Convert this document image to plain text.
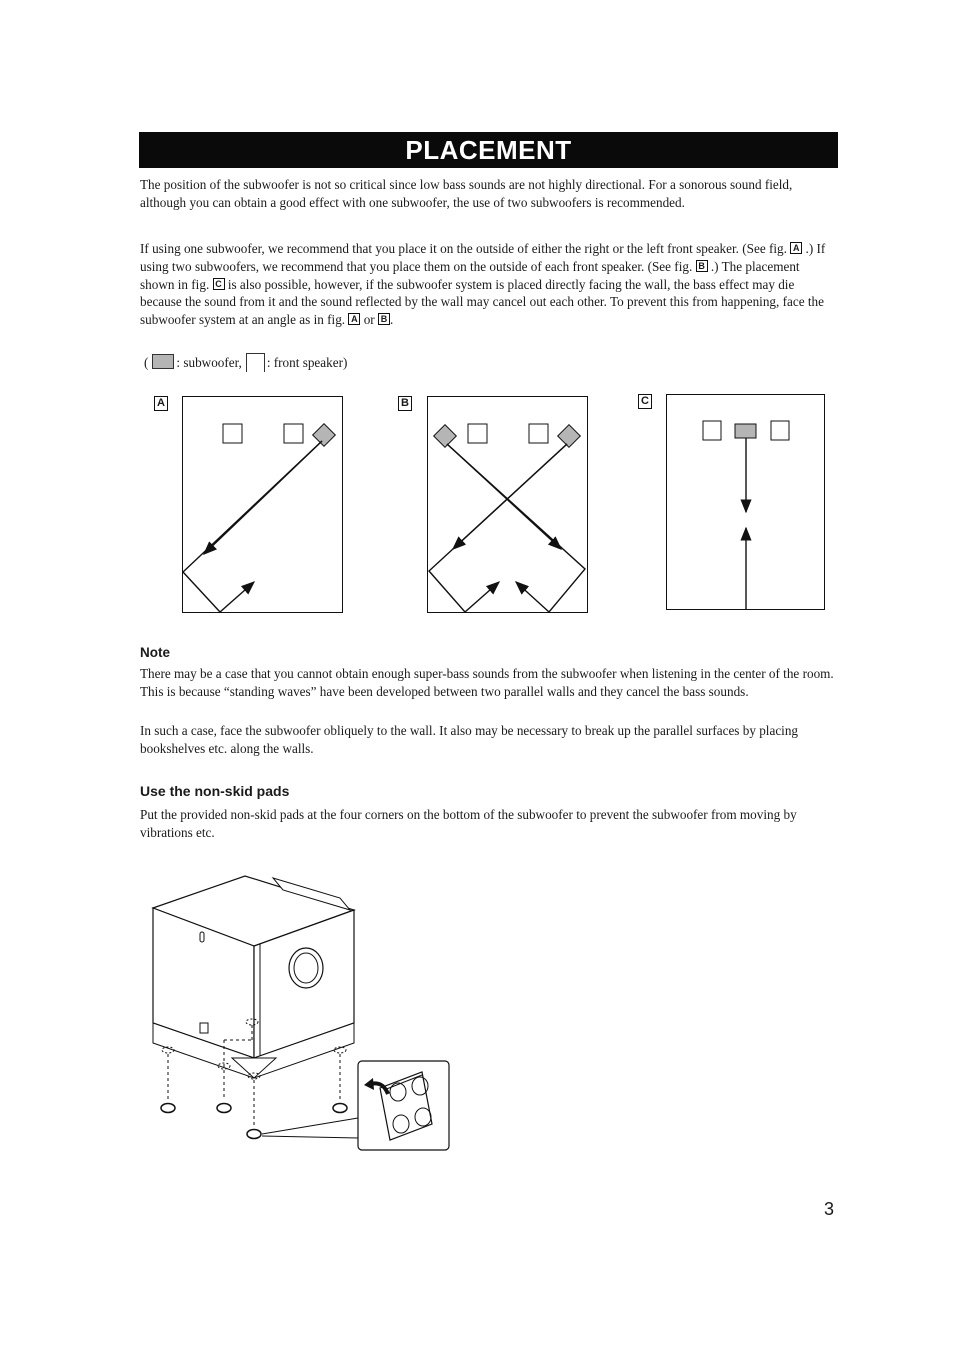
PLACEMENT

The position of the subwoofer is not so critical since low bass sounds are not highly directional. For a sonorous sound field, although you can obtain a good effect with one subwoofer, the use of two subwoofers is recommended.

If using one subwoofer, we recommend that you place it on the outside of either the right or the left front speaker. (See fig. A .) If using two subwoofers, we recommend that you place them on the outside of each front speaker. (See fig. B .) The placement shown in fig. C is also possible, however, if the subwoofer system is placed directly facing the wall, the bass effect may die because the sound from it and the sound reflected by the wall may cancel out each other. To prevent this from happening, face the subwoofer system at an angle as in fig. A or B .

( : subwoofer, : front speaker)
A	B	C
Note

There may be a case that you cannot obtain enough super-bass sounds from the subwoofer when listening in the center of the room. This is because “standing waves” have been developed between two parallel walls and they cancel the bass sounds.

In such a case, face the subwoofer obliquely to the wall. It also may be necessary to break up the parallel surfaces by placing bookshelves etc. along the walls.

Use the non-skid pads

Put the provided non-skid pads at the four corners on the bottom of the subwoofer to prevent the subwoofer from moving by vibrations etc.

3
